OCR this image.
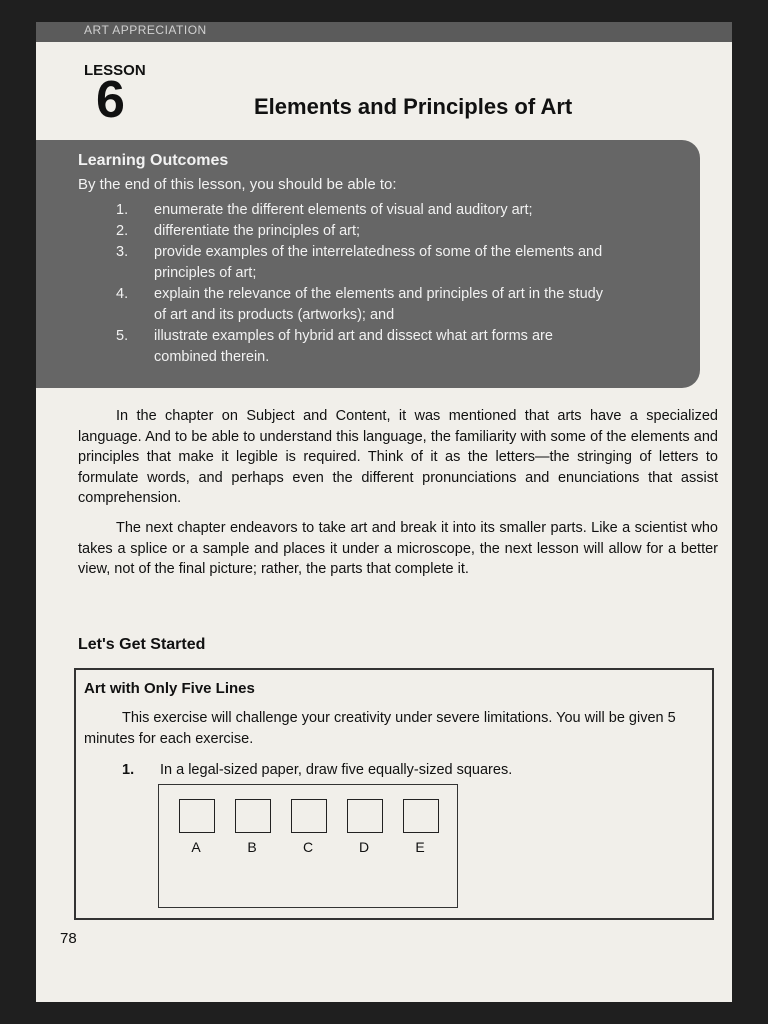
ART APPRECIATION
LESSON
6	Elements and Principles of Art
Learning Outcomes
By the end of this lesson, you should be able to:
1. enumerate the different elements of visual and auditory art;
2. differentiate the principles of art;
3. provide examples of the interrelatedness of some of the elements and principles of art;
4. explain the relevance of the elements and principles of art in the study of art and its products (artworks); and
5. illustrate examples of hybrid art and dissect what art forms are combined therein.

In the chapter on Subject and Content, it was mentioned that arts have a specialized language. And to be able to understand this language, the familiarity with some of the elements and principles that make it legible is required. Think of it as the letters—the stringing of letters to formulate words, and perhaps even the different pronunciations and enunciations that assist comprehension.

The next chapter endeavors to take art and break it into its smaller parts. Like a scientist who takes a splice or a sample and places it under a microscope, the next lesson will allow for a better view, not of the final picture; rather, the parts that complete it.

Let's Get Started
Art with Only Five Lines

This exercise will challenge your creativity under severe limitations. You will be given 5 minutes for each exercise.

1. In a legal-sized paper, draw five equally-sized squares.
A	B	C	D	E
78
